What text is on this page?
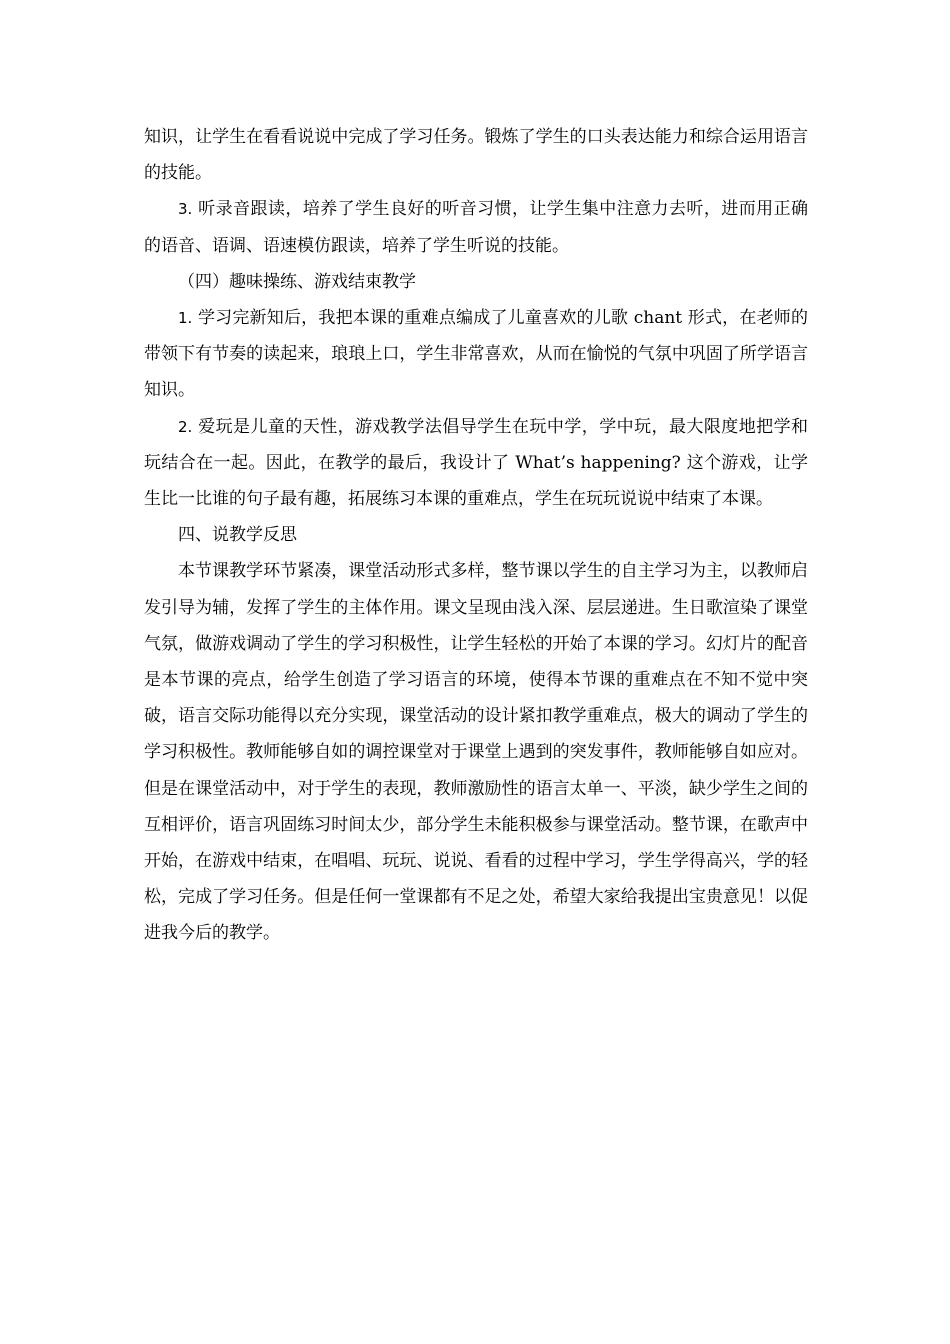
知识，让学生在看看说说中完成了学习任务。锻炼了学生的口头表达能力和综合运用语言的技能。

3. 听录音跟读，培养了学生良好的听音习惯，让学生集中注意力去听，进而用正确的语音、语调、语速模仿跟读，培养了学生听说的技能。

（四）趣味操练、游戏结束教学

1. 学习完新知后，我把本课的重难点编成了儿童喜欢的儿歌 chant 形式，在老师的带领下有节奏的读起来，琅琅上口，学生非常喜欢，从而在愉悦的气氛中巩固了所学语言知识。

2. 爱玩是儿童的天性，游戏教学法倡导学生在玩中学，学中玩，最大限度地把学和玩结合在一起。因此，在教学的最后，我设计了 What’s happening? 这个游戏，让学生比一比谁的句子最有趣，拓展练习本课的重难点，学生在玩玩说说中结束了本课。

四、说教学反思

本节课教学环节紧凑，课堂活动形式多样，整节课以学生的自主学习为主，以教师启发引导为辅，发挥了学生的主体作用。课文呈现由浅入深、层层递进。生日歌渲染了课堂气氛，做游戏调动了学生的学习积极性，让学生轻松的开始了本课的学习。幻灯片的配音是本节课的亮点，给学生创造了学习语言的环境，使得本节课的重难点在不知不觉中突破，语言交际功能得以充分实现，课堂活动的设计紧扣教学重难点，极大的调动了学生的学习积极性。教师能够自如的调控课堂对于课堂上遇到的突发事件，教师能够自如应对。但是在课堂活动中，对于学生的表现，教师激励性的语言太单一、平淡，缺少学生之间的互相评价，语言巩固练习时间太少，部分学生未能积极参与课堂活动。整节课，在歌声中开始，在游戏中结束，在唱唱、玩玩、说说、看看的过程中学习，学生学得高兴，学的轻松，完成了学习任务。但是任何一堂课都有不足之处，希望大家给我提出宝贵意见！以促进我今后的教学。
